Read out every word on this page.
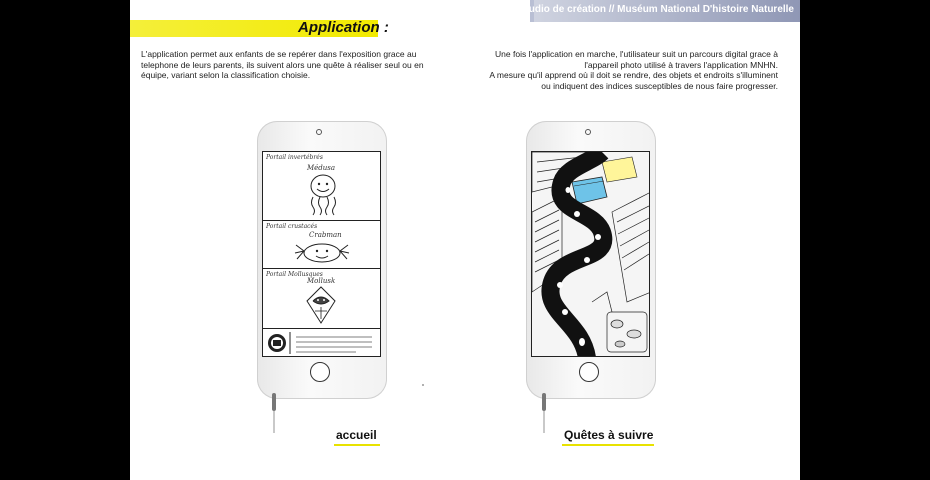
Studio de création // Muséum National D'histoire Naturelle
Application :
L'application permet aux enfants de se repérer dans l'exposition grace au telephone de leurs parents, ils suivent alors une quête à réaliser seul ou en équipe, variant selon la classification choisie.
Une fois l'application en marche, l'utilisateur suit un parcours digital grace à
l'appareil photo utilisé à travers l'application MNHN.
A mesure qu'il apprend où il doit se rendre, des objets et endroits s'illuminent
ou indiquent des indices susceptibles de nous faire progresser.
Portail invertébrés
Médusa
Portail crustacés
Crabman
Portail Mollusques
Mollusk
accueil	Quêtes à suivre
